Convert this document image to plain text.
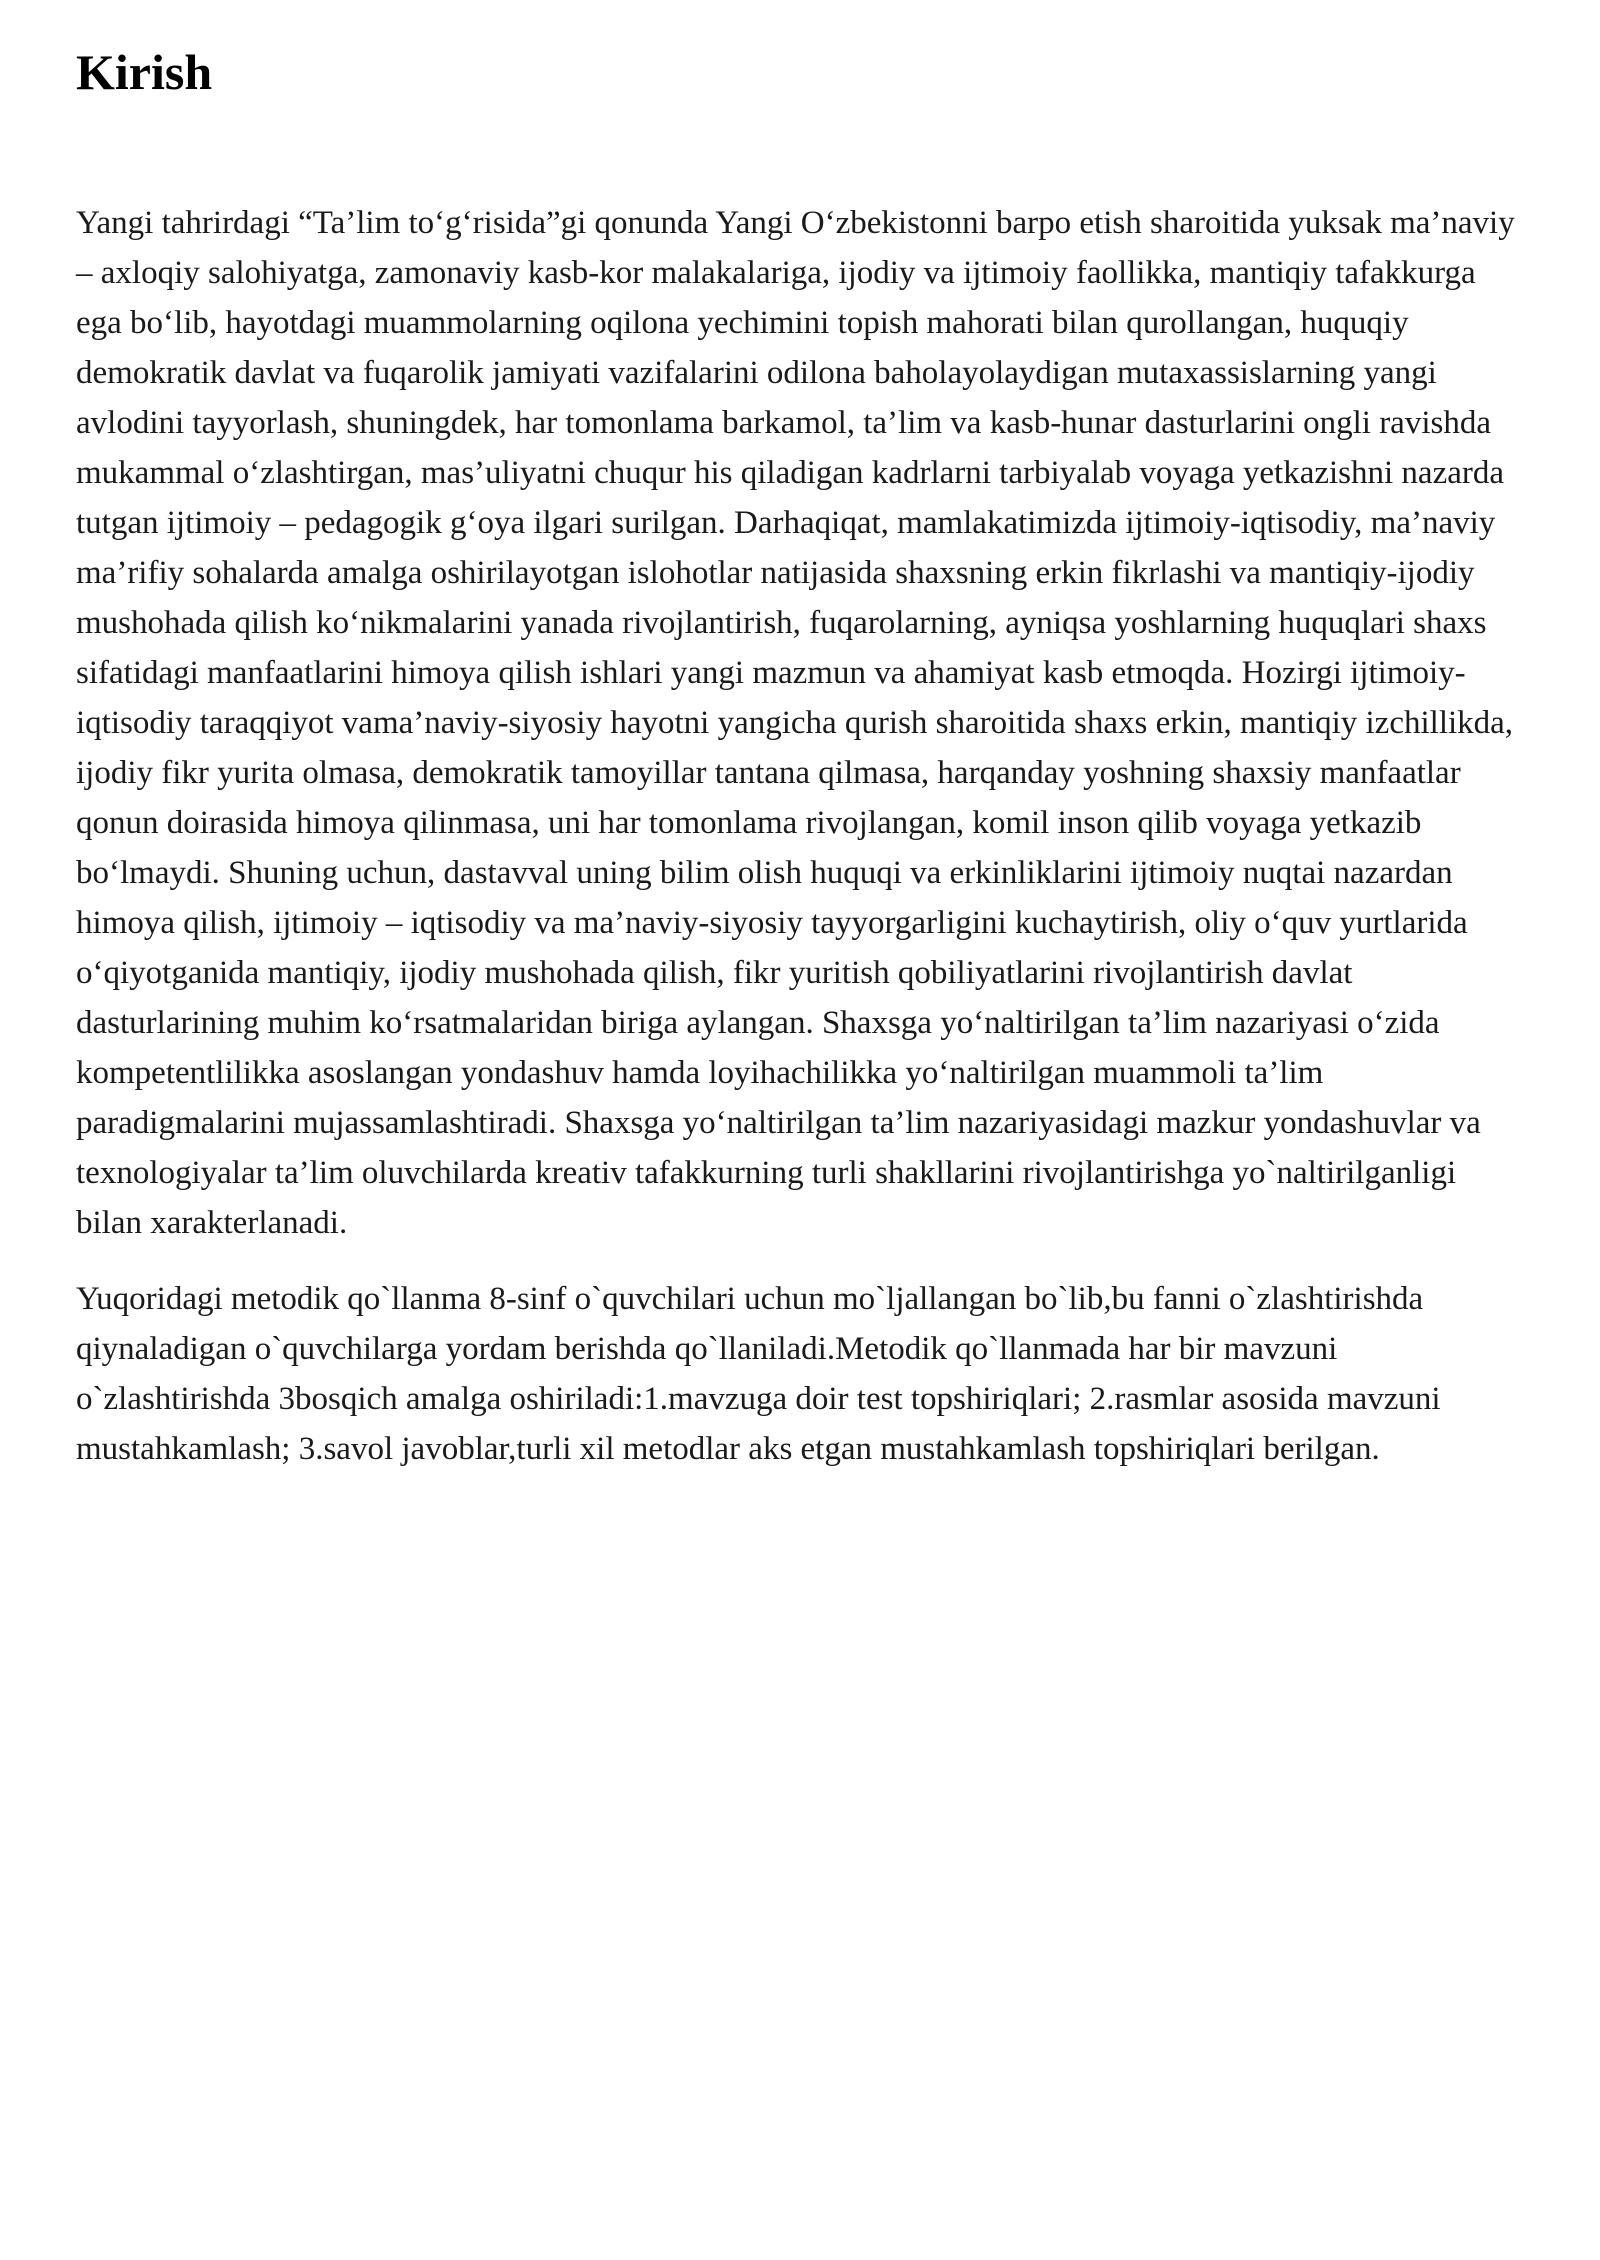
Kirish

Yangi tahrirdagi “Ta’lim to‘g‘risida”gi qonunda Yangi O‘zbekistonni barpo etish sharoitida yuksak ma’naviy – axloqiy salohiyatga, zamonaviy kasb-kor malakalariga, ijodiy va ijtimoiy faollikka, mantiqiy tafakkurga ega bo‘lib, hayotdagi muammolarning oqilona yechimini topish mahorati bilan qurollangan, huquqiy demokratik davlat va fuqarolik jamiyati vazifalarini odilona baholayolaydigan mutaxassislarning yangi avlodini tayyorlash, shuningdek, har tomonlama barkamol, ta’lim va kasb-hunar dasturlarini ongli ravishda mukammal o‘zlashtirgan, mas’uliyatni chuqur his qiladigan kadrlarni tarbiyalab voyaga yetkazishni nazarda tutgan ijtimoiy – pedagogik g‘oya ilgari surilgan. Darhaqiqat, mamlakatimizda ijtimoiy-iqtisodiy, ma’naviy ma’rifiy sohalarda amalga oshirilayotgan islohotlar natijasida shaxsning erkin fikrlashi va mantiqiy-ijodiy mushohada qilish ko‘nikmalarini yanada rivojlantirish, fuqarolarning, ayniqsa yoshlarning huquqlari shaxs sifatidagi manfaatlarini himoya qilish ishlari yangi mazmun va ahamiyat kasb etmoqda. Hozirgi ijtimoiy-iqtisodiy taraqqiyot vama’naviy-siyosiy hayotni yangicha qurish sharoitida shaxs erkin, mantiqiy izchillikda, ijodiy fikr yurita olmasa, demokratik tamoyillar tantana qilmasa, harqanday yoshning shaxsiy manfaatlar qonun doirasida himoya qilinmasa, uni har tomonlama rivojlangan, komil inson qilib voyaga yetkazib bo‘lmaydi. Shuning uchun, dastavval uning bilim olish huquqi va erkinliklarini ijtimoiy nuqtai nazardan himoya qilish, ijtimoiy – iqtisodiy va ma’naviy-siyosiy tayyorgarligini kuchaytirish, oliy o‘quv yurtlarida o‘qiyotganida mantiqiy, ijodiy mushohada qilish, fikr yuritish qobiliyatlarini rivojlantirish davlat dasturlarining muhim ko‘rsatmalaridan biriga aylangan. Shaxsga yo‘naltirilgan ta’lim nazariyasi o‘zida kompetentlilikka asoslangan yondashuv hamda loyihachilikka yo‘naltirilgan muammoli ta’lim paradigmalarini mujassamlashtiradi. Shaxsga yo‘naltirilgan ta’lim nazariyasidagi mazkur yondashuvlar va texnologiyalar ta’lim oluvchilarda kreativ tafakkurning turli shakllarini rivojlantirishga yo`naltirilganligi bilan xarakterlanadi.

Yuqoridagi metodik qo`llanma 8-sinf o`quvchilari uchun mo`ljallangan bo`lib,bu fanni o`zlashtirishda qiynaladigan o`quvchilarga yordam berishda qo`llaniladi.Metodik qo`llanmada har bir mavzuni o`zlashtirishda 3bosqich amalga oshiriladi:1.mavzuga doir test topshiriqlari; 2.rasmlar asosida mavzuni mustahkamlash; 3.savol javoblar,turli xil metodlar aks etgan mustahkamlash topshiriqlari berilgan.
